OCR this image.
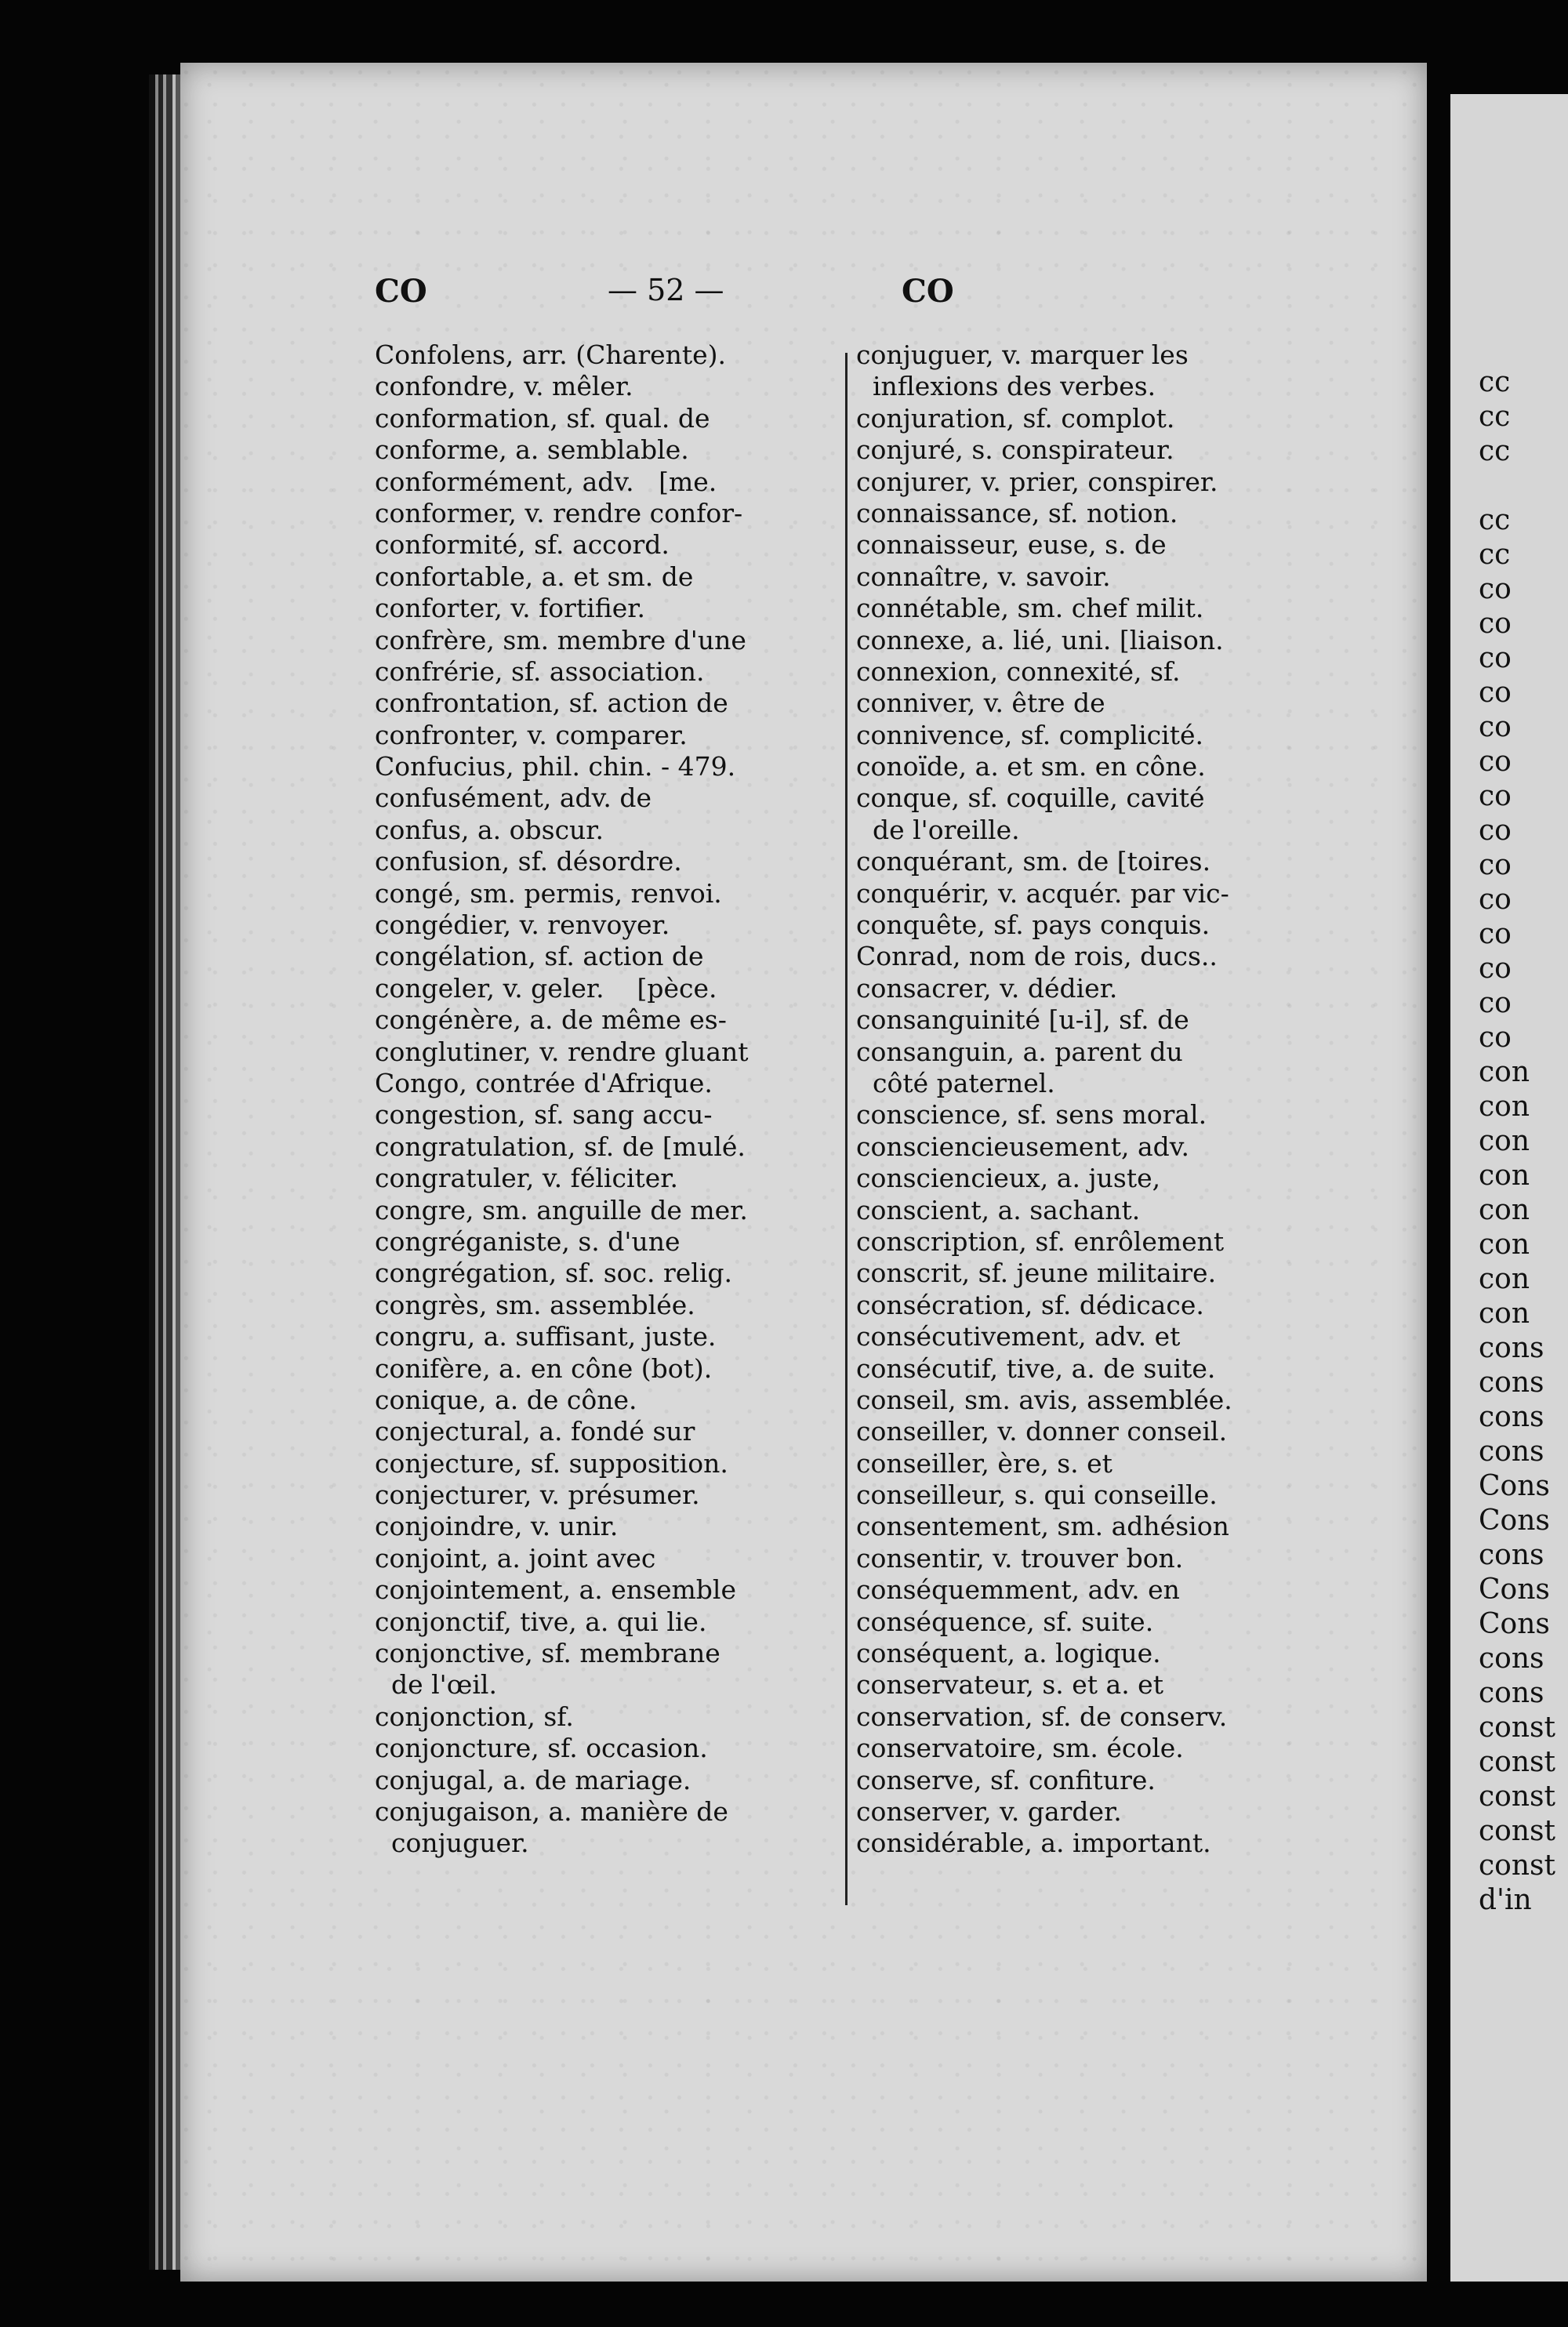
cc
cc
cc
cc
cc
co
co
co
co
co
co
co
co
co
co
co
co
co
co
con
con
con
con
con
con
con
con
cons
cons
cons
cons
Cons
Cons
cons
Cons
Cons
cons
cons
const
const
const
const
const
d'in
CO	— 52 —	CO
Confolens, arr. (Charente).
confondre, v. mêler.
conformation, sf. qual. de
conforme, a. semblable.
conformément, adv.   [me.
conformer, v. rendre confor-
conformité, sf. accord.
confortable, a. et sm. de
conforter, v. fortifier.
confrère, sm. membre d'une
confrérie, sf. association.
confrontation, sf. action de
confronter, v. comparer.
Confucius, phil. chin. - 479.
confusément, adv. de
confus, a. obscur.
confusion, sf. désordre.
congé, sm. permis, renvoi.
congédier, v. renvoyer.
congélation, sf. action de
congeler, v. geler.    [pèce.
congénère, a. de même es-
conglutiner, v. rendre gluant
Congo, contrée d'Afrique.
congestion, sf. sang accu-
congratulation, sf. de [mulé.
congratuler, v. féliciter.
congre, sm. anguille de mer.
congréganiste, s. d'une
congrégation, sf. soc. relig.
congrès, sm. assemblée.
congru, a. suffisant, juste.
conifère, a. en cône (bot).
conique, a. de cône.
conjectural, a. fondé sur
conjecture, sf. supposition.
conjecturer, v. présumer.
conjoindre, v. unir.
conjoint, a. joint avec
conjointement, a. ensemble
conjonctif, tive, a. qui lie.
conjonctive, sf. membrane
de l'œil.
conjonction, sf.
conjoncture, sf. occasion.
conjugal, a. de mariage.
conjugaison, a. manière de
conjuguer.
conjuguer, v. marquer les
inflexions des verbes.
conjuration, sf. complot.
conjuré, s. conspirateur.
conjurer, v. prier, conspirer.
connaissance, sf. notion.
connaisseur, euse, s. de
connaître, v. savoir.
connétable, sm. chef milit.
connexe, a. lié, uni. [liaison.
connexion, connexité, sf.
conniver, v. être de
connivence, sf. complicité.
conoïde, a. et sm. en cône.
conque, sf. coquille, cavité
de l'oreille.
conquérant, sm. de [toires.
conquérir, v. acquér. par vic-
conquête, sf. pays conquis.
Conrad, nom de rois, ducs..
consacrer, v. dédier.
consanguinité [u-i], sf. de
consanguin, a. parent du
côté paternel.
conscience, sf. sens moral.
consciencieusement, adv.
consciencieux, a. juste,
conscient, a. sachant.
conscription, sf. enrôlement
conscrit, sf. jeune militaire.
consécration, sf. dédicace.
consécutivement, adv. et
consécutif, tive, a. de suite.
conseil, sm. avis, assemblée.
conseiller, v. donner conseil.
conseiller, ère, s. et
conseilleur, s. qui conseille.
consentement, sm. adhésion
consentir, v. trouver bon.
conséquemment, adv. en
conséquence, sf. suite.
conséquent, a. logique.
conservateur, s. et a. et
conservation, sf. de conserv.
conservatoire, sm. école.
conserve, sf. confiture.
conserver, v. garder.
considérable, a. important.
